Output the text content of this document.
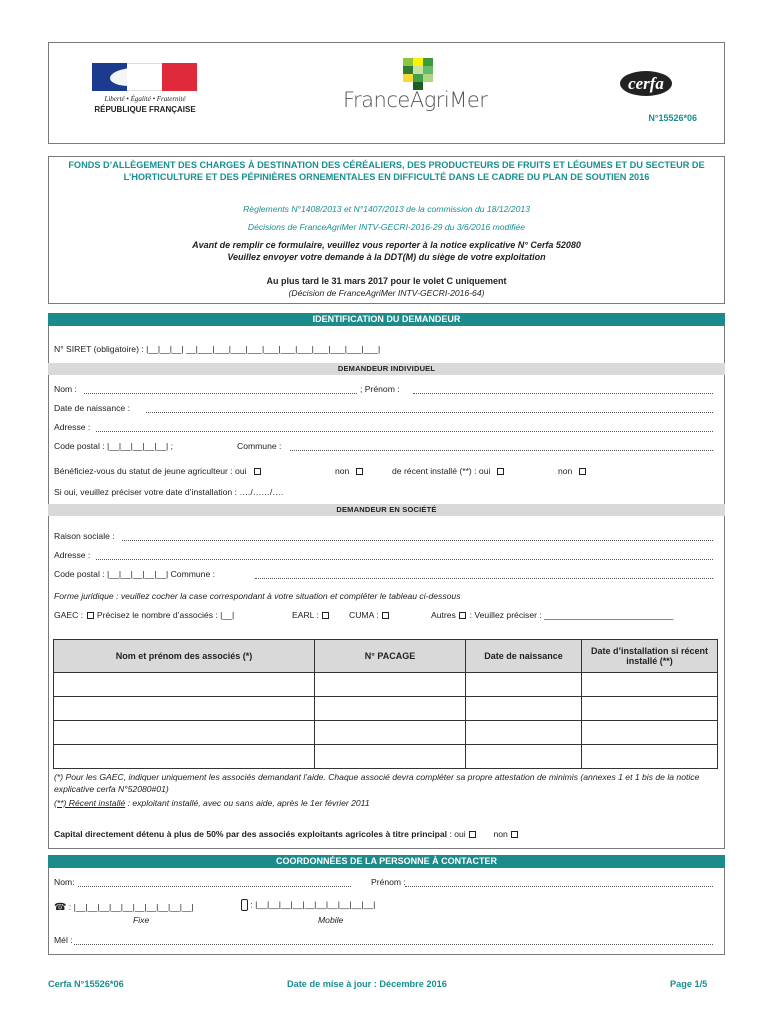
Liberté • Égalité • Fraternité
RÉPUBLIQUE FRANÇAISE	FranceAgriMer
cerfa
N°15526*06
FONDS D’ALLÈGEMENT DES CHARGES À DESTINATION DES CÉRÉALIERS, DES PRODUCTEURS DE FRUITS ET LÉGUMES ET DU SECTEUR DE L’HORTICULTURE ET DES PÉPINIÈRES ORNEMENTALES EN DIFFICULTÉ DANS LE CADRE DU PLAN DE SOUTIEN 2016
Règlements N°1408/2013 et N°1407/2013 de la commission du 18/12/2013
Décisions de FranceAgriMer INTV-GECRI-2016-29 du 3/6/2016 modifiée
Avant de remplir ce formulaire, veuillez vous reporter à la notice explicative N° Cerfa 52080
Veuillez envoyer votre demande à la DDT(M) du siège de votre exploitation
Au plus tard le 31 mars 2017 pour le volet C uniquement
(Décision de FranceAgriMer INTV-GECRI-2016-64)
IDENTIFICATION DU DEMANDEUR
N° SIRET (obligatoire) : |__|__|__| __|___|___|___|___|___|___|___|___|___|___|___|
DEMANDEUR INDIVIDUEL
Nom :	; Prénom :
Date de naissance :
Adresse :
Code postal : |__|__|__|__|__| ;	Commune :
Bénéficiez-vous du statut de jeune agriculteur : oui	non	de récent installé (**) : oui	non
Si oui, veuillez préciser votre date d’installation : …./……/….
DEMANDEUR EN SOCIÉTÉ
Raison sociale :
Adresse :
Code postal : |__|__|__|__|__| Commune :
Forme juridique : veuillez cocher la case correspondant à votre situation et compléter le tableau ci-dessous
GAEC : Précisez le nombre d’associés : |__|	EARL :	CUMA :	Autres : Veuillez préciser : ___________________________
Nom et prénom des associés (*)	N° PACAGE	Date de naissance	Date d’installation si récent installé (**)

(*) Pour les GAEC, indiquer uniquement les associés demandant l’aide. Chaque associé devra compléter sa propre attestation de minimis (annexes 1 et 1 bis de la notice explicative cerfa N°52080#01)
(**) Récent installé : exploitant installé, avec ou sans aide, après le 1er février 2011
Capital directement détenu à plus de 50% par des associés exploitants agricoles à titre principal : oui	non
COORDONNÉES DE LA PERSONNE À CONTACTER
Nom:	Prénom :
☎ : |__|__|__|__|__|__|__|__|__|__|	: |__|__|__|__|__|__|__|__|__|__|
Fixe	Mobile
Mél :
Cerfa N°15526*06	Date de mise à jour : Décembre 2016	Page 1/5
